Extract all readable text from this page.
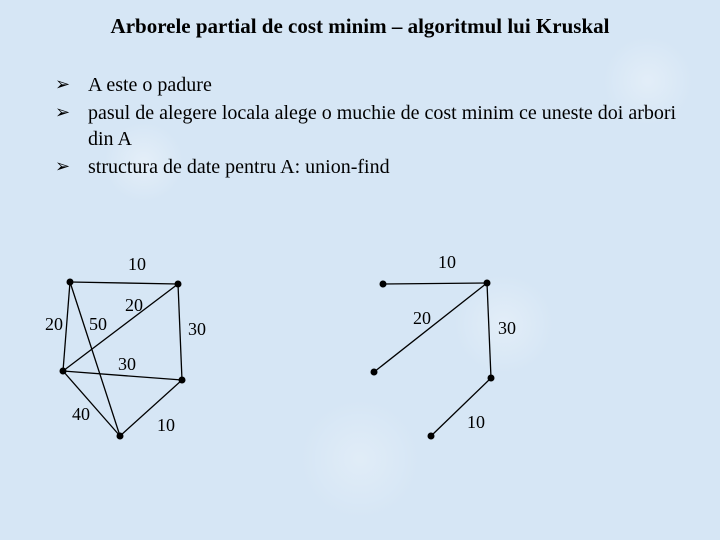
Arborele partial de cost minim – algoritmul lui Kruskal
➢ A este o padure
➢ pasul de alegere locala alege o muchie de cost minim ce uneste doi arbori din A
➢ structura de date pentru A: union-find
10
20 50
20
30
30
40
10
10
20	30
10
